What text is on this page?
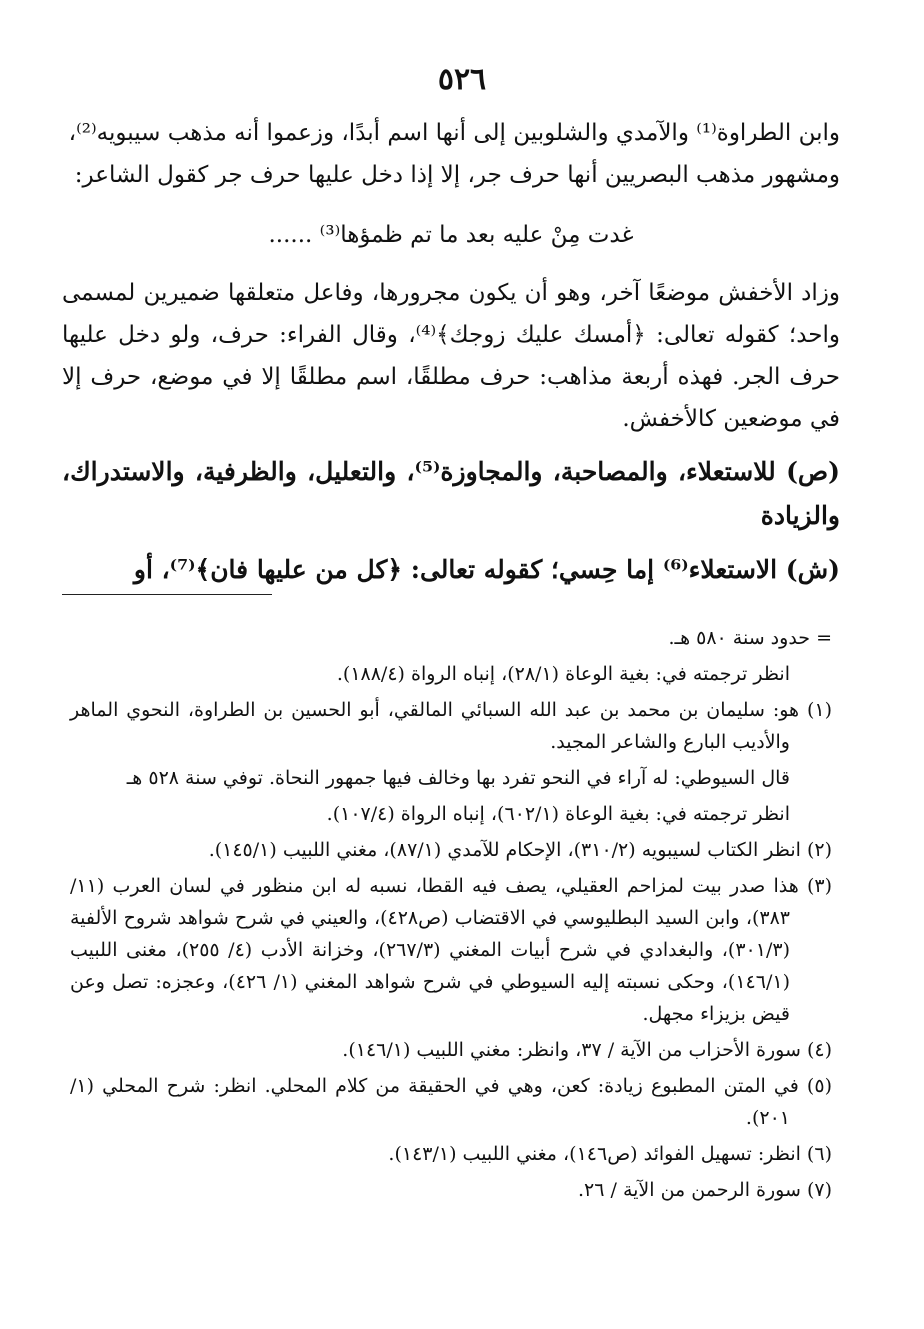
٥٢٦

وابن الطراوة⁽¹⁾ والآمدي والشلوبين إلى أنها اسم أبدًا، وزعموا أنه مذهب سيبويه⁽²⁾،

ومشهور مذهب البصريين أنها حرف جر، إلا إذا دخل عليها حرف جر كقول الشاعر:

غدت مِنْ عليه بعد ما تم ظمؤها⁽³⁾ ......

وزاد الأخفش موضعًا آخر، وهو أن يكون مجرورها، وفاعل متعلقها ضميرين لمسمى واحد؛ كقوله تعالى: ﴿أمسك عليك زوجك﴾⁽⁴⁾، وقال الفراء: حرف، ولو دخل عليها حرف الجر. فهذه أربعة مذاهب: حرف مطلقًا، اسم مطلقًا إلا في موضع، حرف إلا في موضعين كالأخفش.

(ص) للاستعلاء، والمصاحبة، والمجاوزة⁽⁵⁾، والتعليل، والظرفية، والاستدراك، والزيادة

(ش) الاستعلاء⁽⁶⁾ إما حِسي؛ كقوله تعالى: ﴿كل من عليها فان﴾⁽⁷⁾، أو

= حدود سنة ٥٨٠ هـ.

انظر ترجمته في: بغية الوعاة (٢٨/١)، إنباه الرواة (١٨٨/٤).

(١) هو: سليمان بن محمد بن عبد الله السبائي المالقي، أبو الحسين بن الطراوة، النحوي الماهر والأديب البارع والشاعر المجيد.

قال السيوطي: له آراء في النحو تفرد بها وخالف فيها جمهور النحاة. توفي سنة ٥٢٨ هـ

انظر ترجمته في: بغية الوعاة (٦٠٢/١)، إنباه الرواة (١٠٧/٤).

(٢) انظر الكتاب لسيبويه (٣١٠/٢)، الإحكام للآمدي (٨٧/١)، مغني اللبيب (١٤٥/١).

(٣) هذا صدر بيت لمزاحم العقيلي، يصف فيه القطا، نسبه له ابن منظور في لسان العرب (١١/ ٣٨٣)، وابن السيد البطليوسي في الاقتضاب (ص٤٢٨)، والعيني في شرح شواهد شروح الألفية (٣٠١/٣)، والبغدادي في شرح أبيات المغني (٢٦٧/٣)، وخزانة الأدب (٤/ ٢٥٥)، مغنى اللبيب (١٤٦/١)، وحكى نسبته إليه السيوطي في شرح شواهد المغني (١/ ٤٢٦)، وعجزه: تصل وعن قيض بزيزاء مجهل.

(٤) سورة الأحزاب من الآية / ٣٧، وانظر: مغني اللبيب (١٤٦/١).

(٥) في المتن المطبوع زيادة: كعن، وهي في الحقيقة من كلام المحلي. انظر: شرح المحلي (١/ ٢٠١).

(٦) انظر: تسهيل الفوائد (ص١٤٦)، مغني اللبيب (١٤٣/١).

(٧) سورة الرحمن من الآية / ٢٦.
